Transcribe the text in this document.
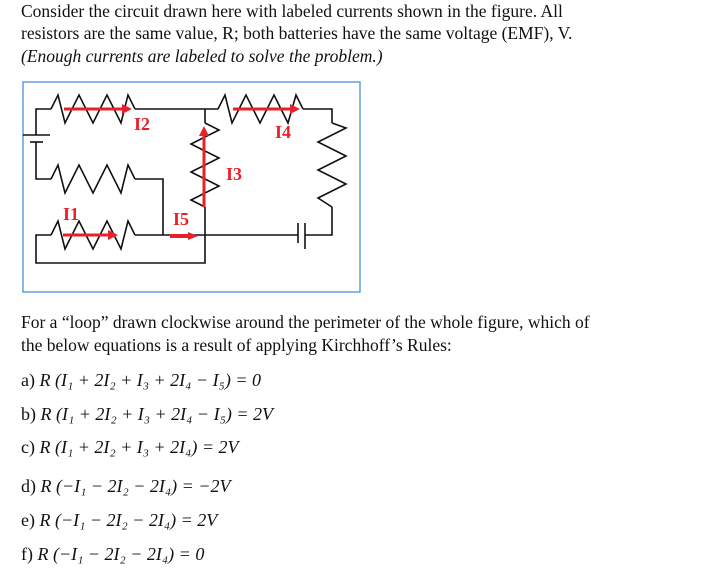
Consider the circuit drawn here with labeled currents shown in the figure. All
resistors are the same value, R; both batteries have the same voltage (EMF), V.
(Enough currents are labeled to solve the problem.)
I2	I4
I3
I1	I5
For a “loop” drawn clockwise around the perimeter of the whole figure, which of
the below equations is a result of applying Kirchhoff’s Rules:
a) R (I₁ + 2I₂ + I₃ + 2I₄ − I₅) = 0
b) R (I₁ + 2I₂ + I₃ + 2I₄ − I₅) = 2V
c) R (I₁ + 2I₂ + I₃ + 2I₄) = 2V
d) R (−I₁ − 2I₂ − 2I₄) = −2V
e) R (−I₁ − 2I₂ − 2I₄) = 2V
f) R (−I₁ − 2I₂ − 2I₄) = 0
